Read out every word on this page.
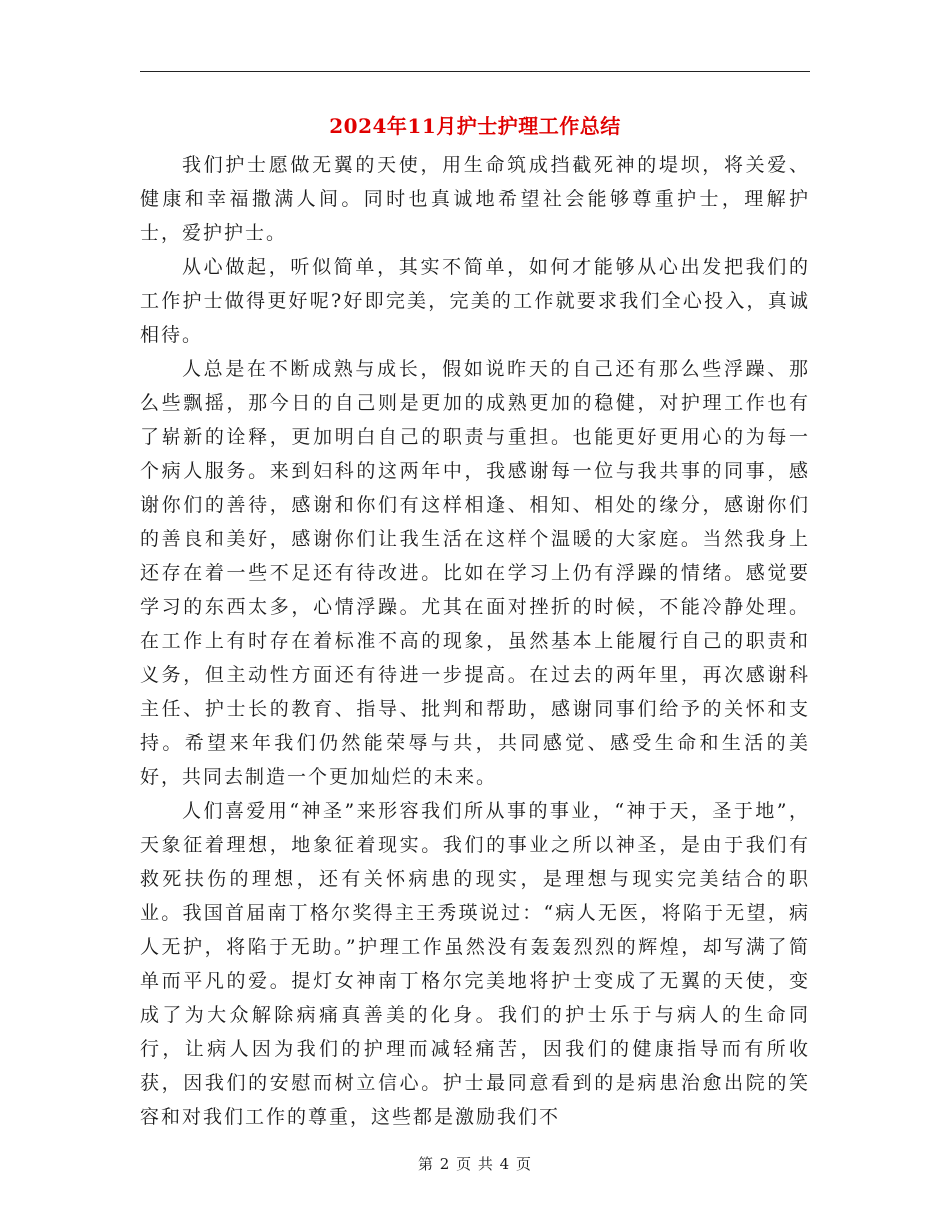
2024年11月护士护理工作总结

我们护士愿做无翼的天使，用生命筑成挡截死神的堤坝，将关爱、健康和幸福撒满人间。同时也真诚地希望社会能够尊重护士，理解护士，爱护护士。

从心做起，听似简单，其实不简单，如何才能够从心出发把我们的工作护士做得更好呢?好即完美，完美的工作就要求我们全心投入，真诚相待。

人总是在不断成熟与成长，假如说昨天的自己还有那么些浮躁、那么些飘摇，那今日的自己则是更加的成熟更加的稳健，对护理工作也有了崭新的诠释，更加明白自己的职责与重担。也能更好更用心的为每一个病人服务。来到妇科的这两年中，我感谢每一位与我共事的同事，感谢你们的善待，感谢和你们有这样相逢、相知、相处的缘分，感谢你们的善良和美好，感谢你们让我生活在这样个温暖的大家庭。当然我身上还存在着一些不足还有待改进。比如在学习上仍有浮躁的情绪。感觉要学习的东西太多，心情浮躁。尤其在面对挫折的时候，不能冷静处理。在工作上有时存在着标准不高的现象，虽然基本上能履行自己的职责和义务，但主动性方面还有待进一步提高。在过去的两年里，再次感谢科主任、护士长的教育、指导、批判和帮助，感谢同事们给予的关怀和支持。希望来年我们仍然能荣辱与共，共同感觉、感受生命和生活的美好，共同去制造一个更加灿烂的未来。

人们喜爱用“神圣”来形容我们所从事的事业，“神于天，圣于地”，天象征着理想，地象征着现实。我们的事业之所以神圣，是由于我们有救死扶伤的理想，还有关怀病患的现实，是理想与现实完美结合的职业。我国首届南丁格尔奖得主王秀瑛说过：“病人无医，将陷于无望，病人无护，将陷于无助。”护理工作虽然没有轰轰烈烈的辉煌，却写满了简单而平凡的爱。提灯女神南丁格尔完美地将护士变成了无翼的天使，变成了为大众解除病痛真善美的化身。我们的护士乐于与病人的生命同行，让病人因为我们的护理而减轻痛苦，因我们的健康指导而有所收获，因我们的安慰而树立信心。护士最同意看到的是病患治愈出院的笑容和对我们工作的尊重，这些都是激励我们不

第 2 页 共 4 页
